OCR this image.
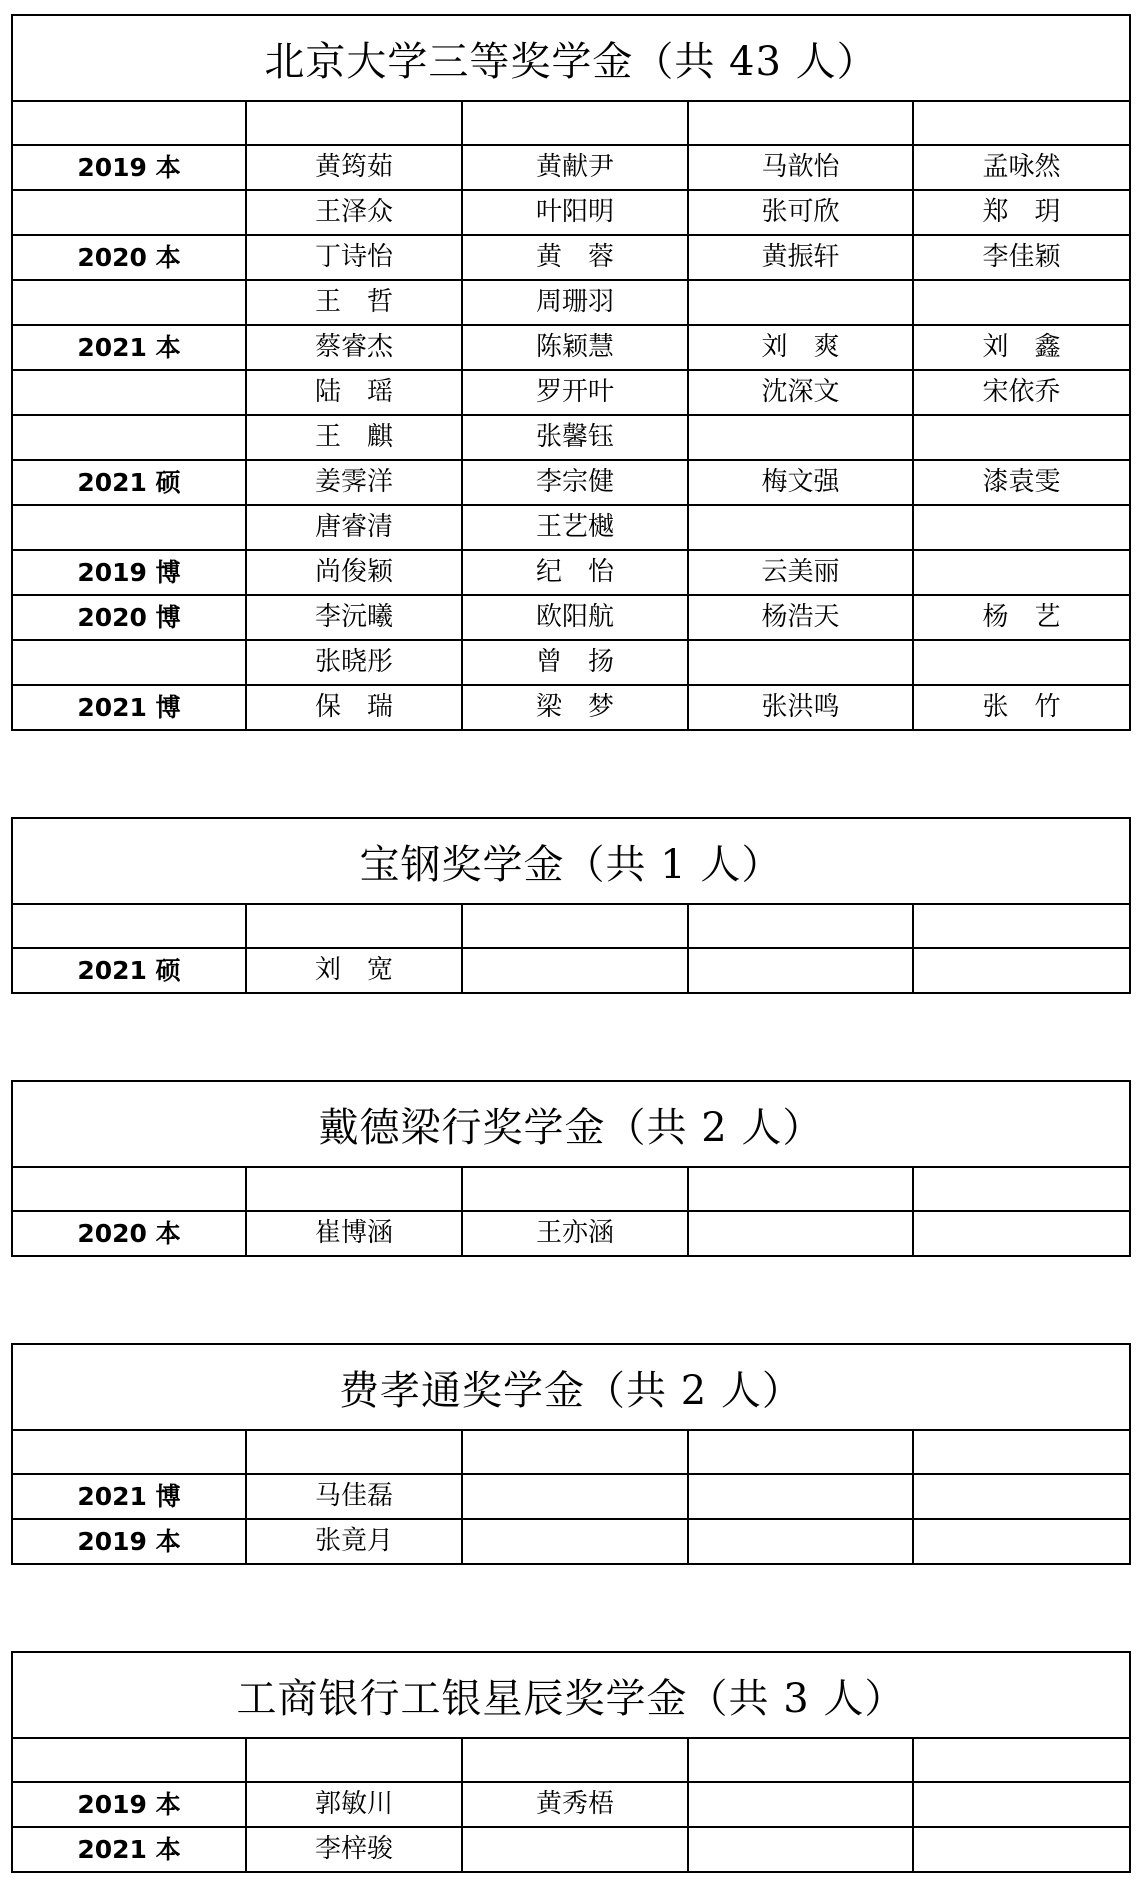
北京大学三等奖学金（共 43 人）

2019 本	黄筠茹	黄献尹	马歆怡	孟咏然
	王泽众	叶阳明	张可欣	郑　玥
2020 本	丁诗怡	黄　蓉	黄振轩	李佳颖
	王　哲	周珊羽		
2021 本	蔡睿杰	陈颖慧	刘　爽	刘　鑫
	陆　瑶	罗开叶	沈深文	宋依乔
	王　麒	张馨钰		
2021 硕	姜霁洋	李宗健	梅文强	漆袁雯
	唐睿清	王艺樾		
2019 博	尚俊颖	纪　怡	云美丽	
2020 博	李沅曦	欧阳航	杨浩天	杨　艺
	张晓彤	曾　扬		
2021 博	保　瑞	梁　梦	张洪鸣	张　竹
宝钢奖学金（共 1 人）

2021 硕	刘　宽			
戴德梁行奖学金（共 2 人）

2020 本	崔博涵	王亦涵		
费孝通奖学金（共 2 人）

2021 博	马佳磊			
2019 本	张竟月			
工商银行工银星辰奖学金（共 3 人）

2019 本	郭敏川	黄秀梧		
2021 本	李梓骏			
